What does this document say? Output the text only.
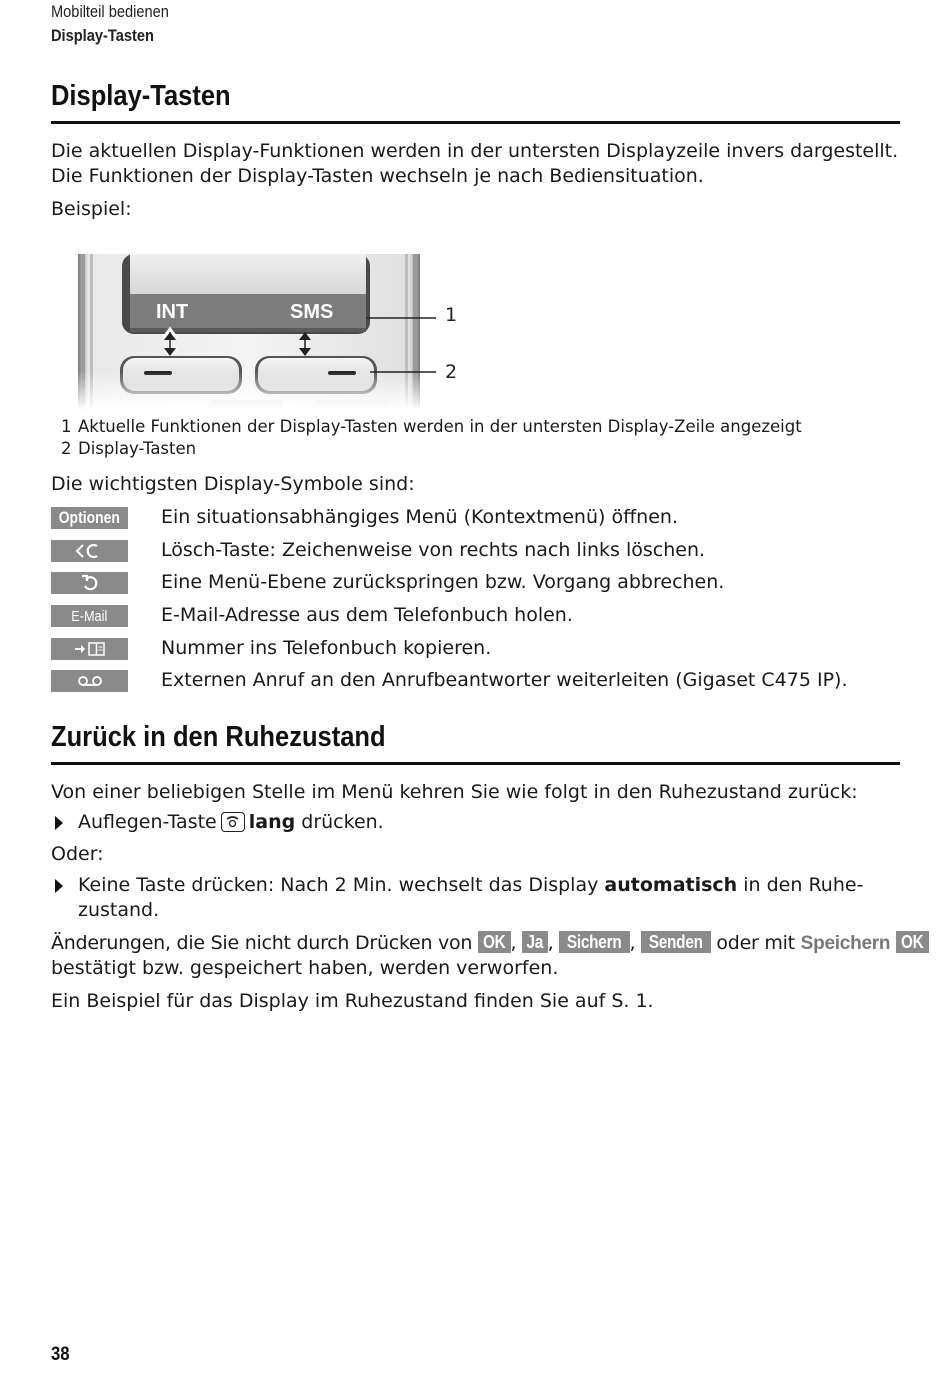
Mobilteil bedienen
Display-Tasten
Display-Tasten
Die aktuellen Display-Funktionen werden in der untersten Displayzeile invers dargestellt.
Die Funktionen der Display-Tasten wechseln je nach Bediensituation.
Beispiel:
INT	SMS	1
2
1 Aktuelle Funktionen der Display-Tasten werden in der untersten Display-Zeile angezeigt
2 Display-Tasten
Die wichtigsten Display-Symbole sind:
Optionen Ein situationsabhängiges Menü (Kontextmenü) öffnen.
Lösch-Taste: Zeichenweise von rechts nach links löschen.
Eine Menü-Ebene zurückspringen bzw. Vorgang abbrechen.
E-Mail	E-Mail-Adresse aus dem Telefonbuch holen.
Nummer ins Telefonbuch kopieren.
Externen Anruf an den Anrufbeantworter weiterleiten (Gigaset C475 IP).
Zurück in den Ruhezustand
Von einer beliebigen Stelle im Menü kehren Sie wie folgt in den Ruhezustand zurück:
Auflegen-Taste lang drücken.
Oder:
Keine Taste drücken: Nach 2 Min. wechselt das Display automatisch in den Ruhe-
zustand.
Änderungen, die Sie nicht durch Drücken von OK , Ja , Sichern , Senden oder mit Speichern OK
bestätigt bzw. gespeichert haben, werden verworfen.
Ein Beispiel für das Display im Ruhezustand finden Sie auf S. 1.
38
